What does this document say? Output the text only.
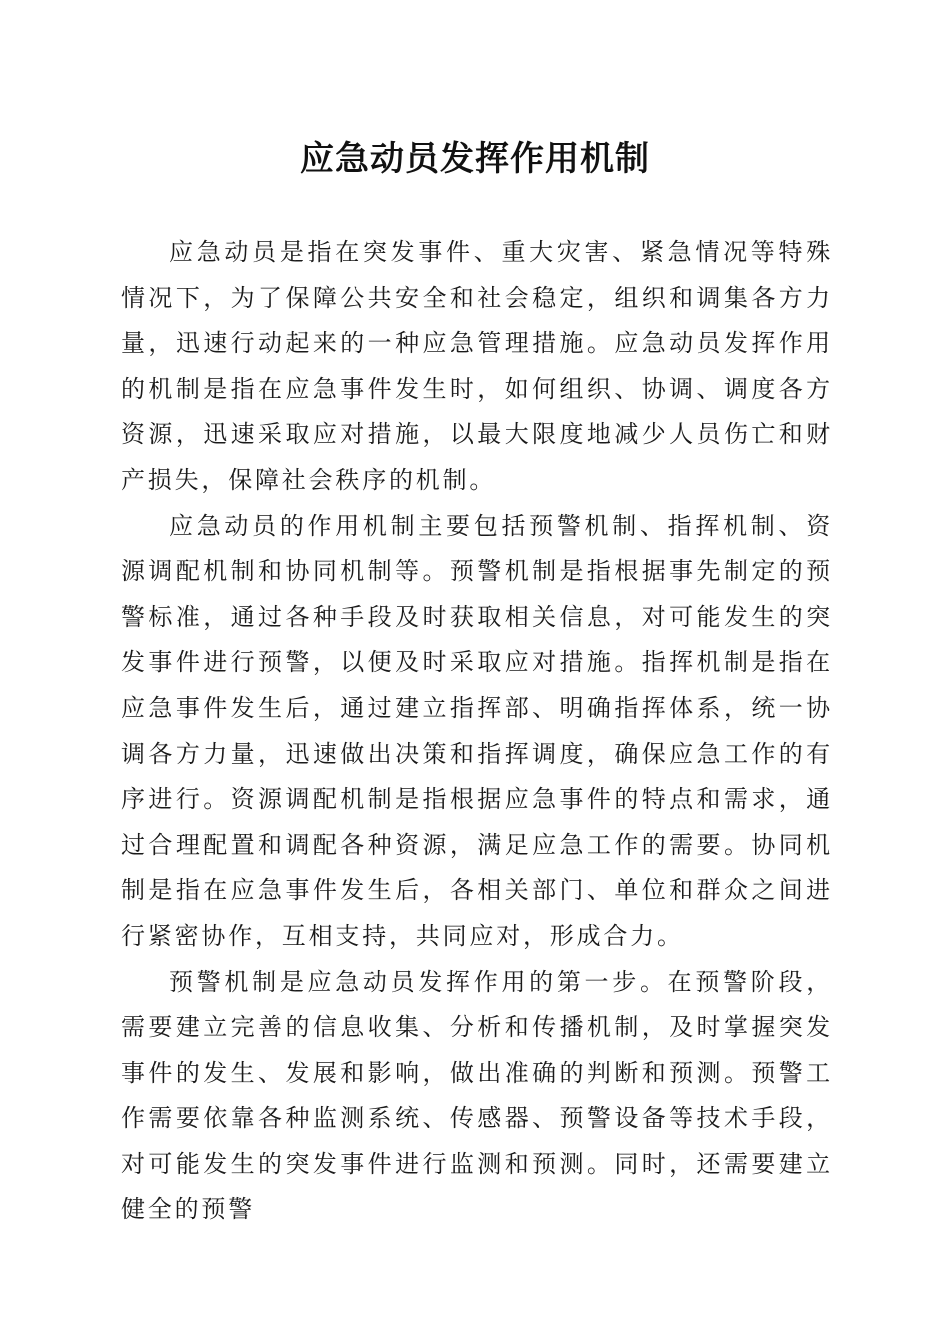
应急动员发挥作用机制

应急动员是指在突发事件、重大灾害、紧急情况等特殊情况下，为了保障公共安全和社会稳定，组织和调集各方力量，迅速行动起来的一种应急管理措施。应急动员发挥作用的机制是指在应急事件发生时，如何组织、协调、调度各方资源，迅速采取应对措施，以最大限度地减少人员伤亡和财产损失，保障社会秩序的机制。

应急动员的作用机制主要包括预警机制、指挥机制、资源调配机制和协同机制等。预警机制是指根据事先制定的预警标准，通过各种手段及时获取相关信息，对可能发生的突发事件进行预警，以便及时采取应对措施。指挥机制是指在应急事件发生后，通过建立指挥部、明确指挥体系，统一协调各方力量，迅速做出决策和指挥调度，确保应急工作的有序进行。资源调配机制是指根据应急事件的特点和需求，通过合理配置和调配各种资源，满足应急工作的需要。协同机制是指在应急事件发生后，各相关部门、单位和群众之间进行紧密协作，互相支持，共同应对，形成合力。

预警机制是应急动员发挥作用的第一步。在预警阶段，需要建立完善的信息收集、分析和传播机制，及时掌握突发事件的发生、发展和影响，做出准确的判断和预测。预警工作需要依靠各种监测系统、传感器、预警设备等技术手段，对可能发生的突发事件进行监测和预测。同时，还需要建立健全的预警
